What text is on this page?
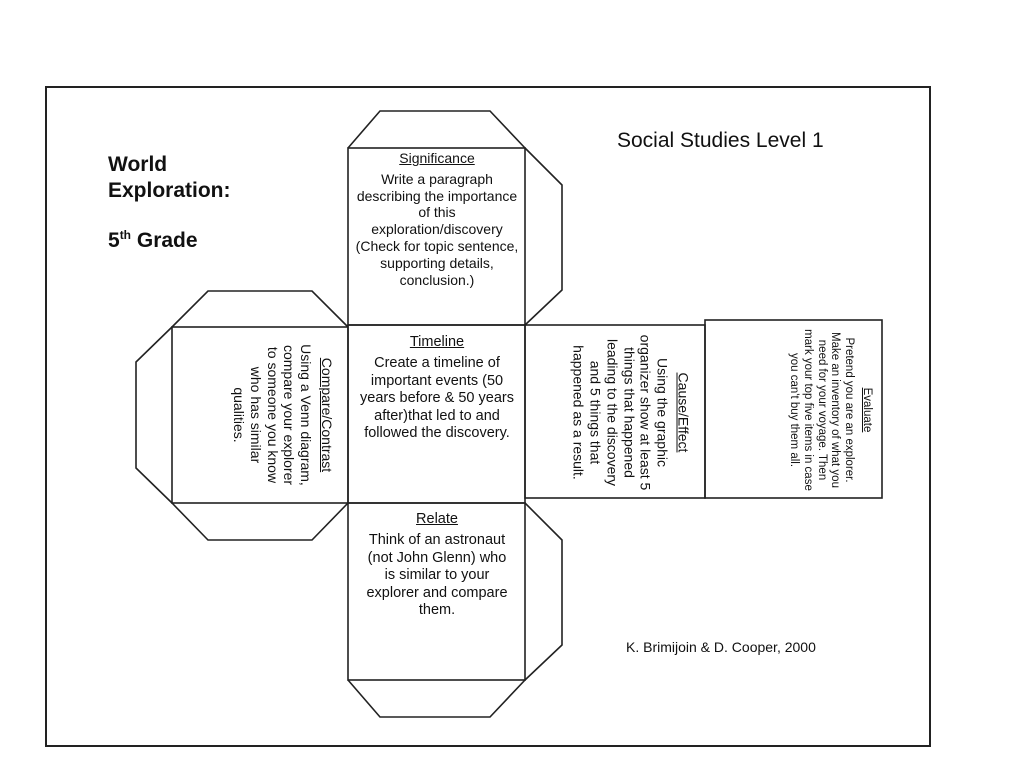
World Exploration:
5th Grade
Social Studies Level 1
Significance
Write a paragraph describing the importance of this exploration/discovery (Check for topic sentence, supporting details, conclusion.)
Timeline
Create a timeline of important events (50 years before & 50 years after)that led to and followed the discovery.
Relate
Think of an astronaut (not John Glenn) who is similar to your explorer and compare them.
Compare/Contrast
Using a Venn diagram, compare your explorer to someone you know who has similar qualities.	Cause/Effect
Using the graphic organizer show at least 5 things that happened leading to the discovery and 5 things that happened as a result.	Evaluate
Pretend you are an explorer. Make an inventory of what you need for your voyage. Then mark your top five items in case you can't buy them all.
K. Brimijoin & D. Cooper, 2000
